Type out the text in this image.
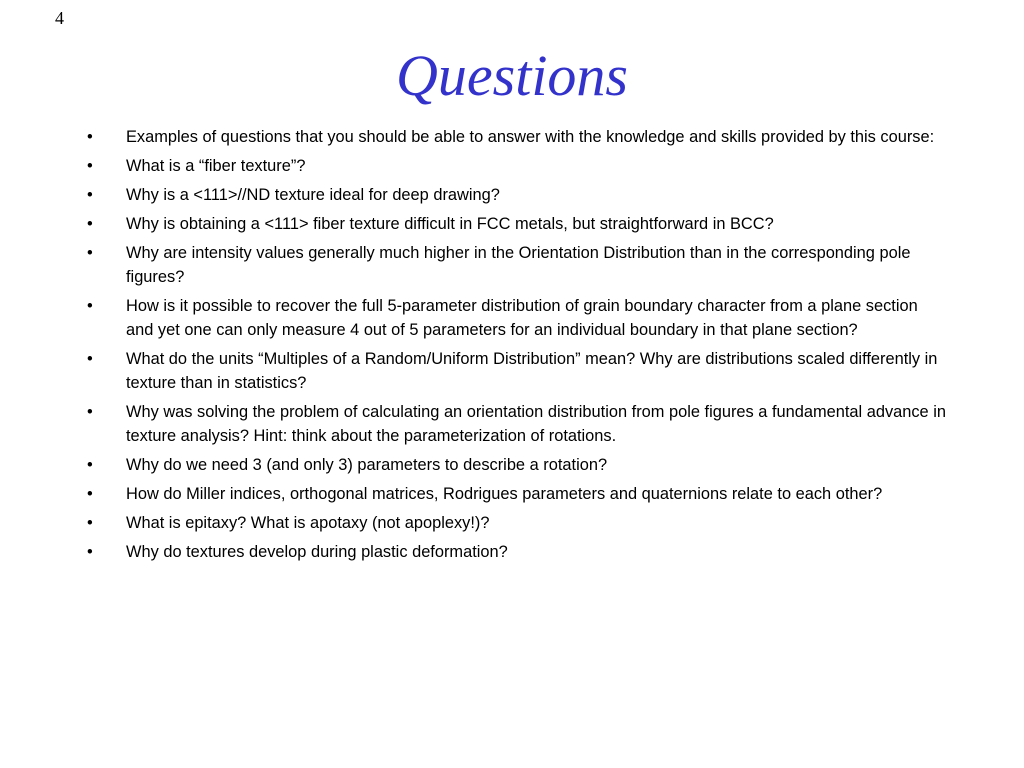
4
Questions
• Examples of questions that you should be able to answer with the knowledge and skills provided by this course:
• What is a “fiber texture”?
• Why is a <111>//ND texture ideal for deep drawing?
• Why is obtaining a <111> fiber texture difficult in FCC metals, but straightforward in BCC?
• Why are intensity values generally much higher in the Orientation Distribution than in the corresponding pole figures?
• How is it possible to recover the full 5-parameter distribution of grain boundary character from a plane section and yet one can only measure 4 out of 5 parameters for an individual boundary in that plane section?
• What do the units “Multiples of a Random/Uniform Distribution” mean? Why are distributions scaled differently in texture than in statistics?
• Why was solving the problem of calculating an orientation distribution from pole figures a fundamental advance in texture analysis? Hint: think about the parameterization of rotations.
• Why do we need 3 (and only 3) parameters to describe a rotation?
• How do Miller indices, orthogonal matrices, Rodrigues parameters and quaternions relate to each other?
• What is epitaxy? What is apotaxy (not apoplexy!)?
• Why do textures develop during plastic deformation?
